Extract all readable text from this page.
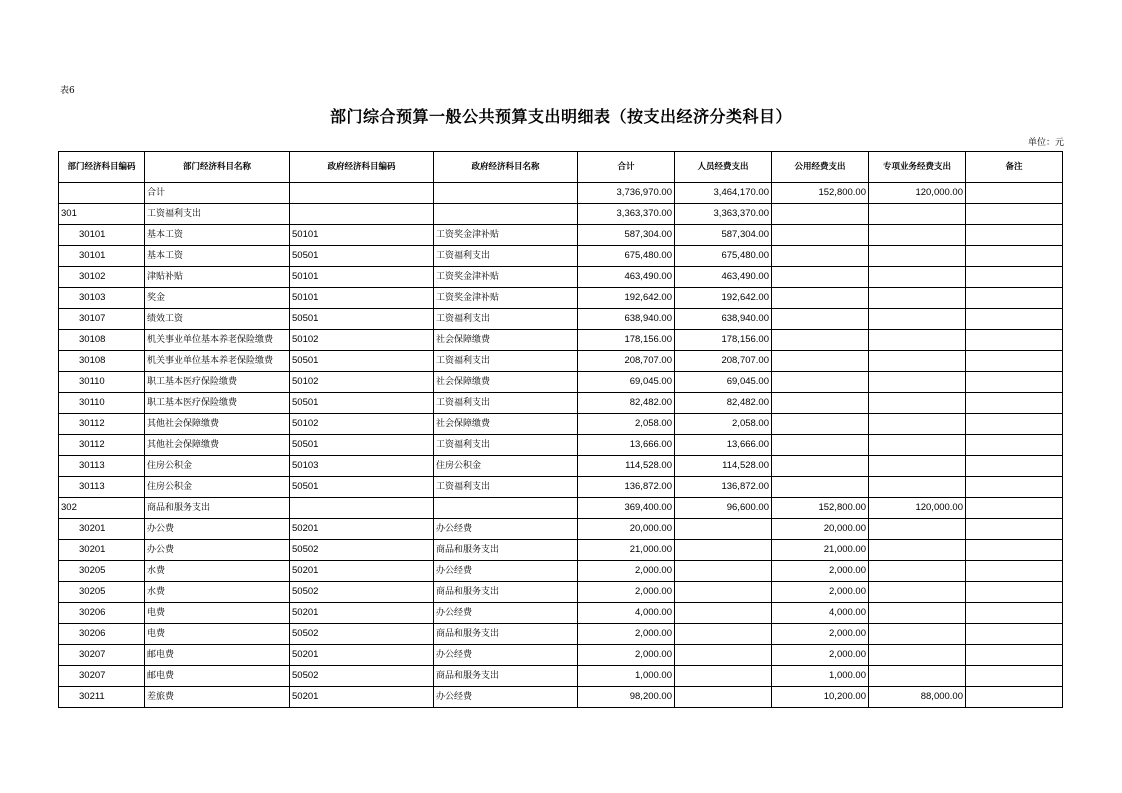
表6
部门综合预算一般公共预算支出明细表（按支出经济分类科目）
单位：元
部门经济科目编码	部门经济科目名称	政府经济科目编码	政府经济科目名称	合计	人员经费支出	公用经费支出	专项业务经费支出	备注
	合计			3,736,970.00	3,464,170.00	152,800.00	120,000.00	
301	工资福利支出			3,363,370.00	3,363,370.00			
30101	基本工资	50101	工资奖金津补贴	587,304.00	587,304.00			
30101	基本工资	50501	工资福利支出	675,480.00	675,480.00			
30102	津贴补贴	50101	工资奖金津补贴	463,490.00	463,490.00			
30103	奖金	50101	工资奖金津补贴	192,642.00	192,642.00			
30107	绩效工资	50501	工资福利支出	638,940.00	638,940.00			
30108	机关事业单位基本养老保险缴费	50102	社会保障缴费	178,156.00	178,156.00			
30108	机关事业单位基本养老保险缴费	50501	工资福利支出	208,707.00	208,707.00			
30110	职工基本医疗保险缴费	50102	社会保障缴费	69,045.00	69,045.00			
30110	职工基本医疗保险缴费	50501	工资福利支出	82,482.00	82,482.00			
30112	其他社会保障缴费	50102	社会保障缴费	2,058.00	2,058.00			
30112	其他社会保障缴费	50501	工资福利支出	13,666.00	13,666.00			
30113	住房公积金	50103	住房公积金	114,528.00	114,528.00			
30113	住房公积金	50501	工资福利支出	136,872.00	136,872.00			
302	商品和服务支出			369,400.00	96,600.00	152,800.00	120,000.00	
30201	办公费	50201	办公经费	20,000.00		20,000.00		
30201	办公费	50502	商品和服务支出	21,000.00		21,000.00		
30205	水费	50201	办公经费	2,000.00		2,000.00		
30205	水费	50502	商品和服务支出	2,000.00		2,000.00		
30206	电费	50201	办公经费	4,000.00		4,000.00		
30206	电费	50502	商品和服务支出	2,000.00		2,000.00		
30207	邮电费	50201	办公经费	2,000.00		2,000.00		
30207	邮电费	50502	商品和服务支出	1,000.00		1,000.00		
30211	差旅费	50201	办公经费	98,200.00		10,200.00	88,000.00	
